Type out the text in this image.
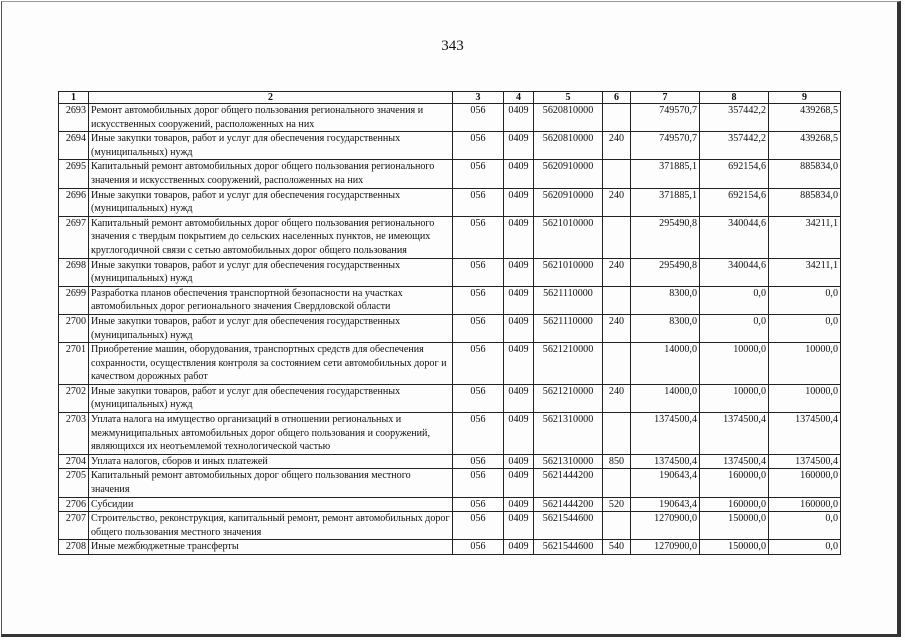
343
1	2	3	4	5	6	7	8	9
2693	Ремонт автомобильных дорог общего пользования регионального значения и искусственных сооружений, расположенных на них	056	0409	5620810000		749570,7	357442,2	439268,5
2694	Иные закупки товаров, работ и услуг для обеспечения государственных (муниципальных) нужд	056	0409	5620810000	240	749570,7	357442,2	439268,5
2695	Капитальный ремонт автомобильных дорог общего пользования регионального значения и искусственных сооружений, расположенных на них	056	0409	5620910000		371885,1	692154,6	885834,0
2696	Иные закупки товаров, работ и услуг для обеспечения государственных (муниципальных) нужд	056	0409	5620910000	240	371885,1	692154,6	885834,0
2697	Капитальный ремонт автомобильных дорог общего пользования регионального значения с твердым покрытием до сельских населенных пунктов, не имеющих круглогодичной связи с сетью автомобильных дорог общего пользования	056	0409	5621010000		295490,8	340044,6	34211,1
2698	Иные закупки товаров, работ и услуг для обеспечения государственных (муниципальных) нужд	056	0409	5621010000	240	295490,8	340044,6	34211,1
2699	Разработка планов обеспечения транспортной безопасности на участках автомобильных дорог регионального значения Свердловской области	056	0409	5621110000		8300,0	0,0	0,0
2700	Иные закупки товаров, работ и услуг для обеспечения государственных (муниципальных) нужд	056	0409	5621110000	240	8300,0	0,0	0,0
2701	Приобретение машин, оборудования, транспортных средств для обеспечения сохранности, осуществления контроля за состоянием сети автомобильных дорог и качеством дорожных работ	056	0409	5621210000		14000,0	10000,0	10000,0
2702	Иные закупки товаров, работ и услуг для обеспечения государственных (муниципальных) нужд	056	0409	5621210000	240	14000,0	10000,0	10000,0
2703	Уплата налога на имущество организаций в отношении региональных и межмуниципальных автомобильных дорог общего пользования и сооружений, являющихся их неотъемлемой технологической частью	056	0409	5621310000		1374500,4	1374500,4	1374500,4
2704	Уплата налогов, сборов и иных платежей	056	0409	5621310000	850	1374500,4	1374500,4	1374500,4
2705	Капитальный ремонт автомобильных дорог общего пользования местного значения	056	0409	5621444200		190643,4	160000,0	160000,0
2706	Субсидии	056	0409	5621444200	520	190643,4	160000,0	160000,0
2707	Строительство, реконструкция, капитальный ремонт, ремонт автомобильных дорог общего пользования местного значения	056	0409	5621544600		1270900,0	150000,0	0,0
2708	Иные межбюджетные трансферты	056	0409	5621544600	540	1270900,0	150000,0	0,0
